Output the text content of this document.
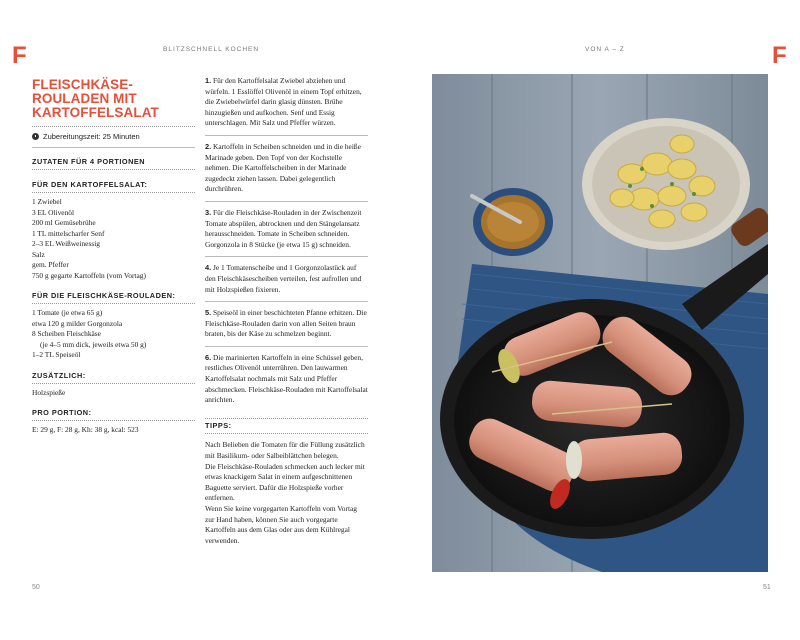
F	F
BLITZSCHNELL KOCHEN	VON A – Z
FLEISCHKÄSE-ROULADEN MIT KARTOFFELSALAT
Zubereitungszeit: 25 Minuten
ZUTATEN FÜR 4 PORTIONEN
FÜR DEN KARTOFFELSALAT:
1 Zwiebel
3 EL Olivenöl
200 ml Gemüsebrühe
1 TL mittelscharfer Senf
2–3 EL Weißweinessig
Salz
gem. Pfeffer
750 g gegarte Kartoffeln (vom Vortag)
FÜR DIE FLEISCHKÄSE-ROULADEN:
1 Tomate (je etwa 65 g)
etwa 120 g milder Gorgonzola
8 Scheiben Fleischkäse
(je 4–5 mm dick, jeweils etwa 50 g)
1–2 TL Speiseöl
ZUSÄTZLICH:
Holzspieße
PRO PORTION:
E: 29 g, F: 28 g, Kh: 38 g, kcal: 523
1. Für den Kartoffelsalat Zwiebel abziehen und würfeln. 1 Esslöffel Olivenöl in einem Topf erhitzen, die Zwiebelwürfel darin glasig dünsten. Brühe hinzugießen und aufkochen. Senf und Essig unterschlagen. Mit Salz und Pfeffer würzen.
2. Kartoffeln in Scheiben schneiden und in die heiße Marinade geben. Den Topf von der Kochstelle nehmen. Die Kartoffelscheiben in der Marinade zugedeckt ziehen lassen. Dabei gelegentlich durchrühren.
3. Für die Fleischkäse-Rouladen in der Zwischenzeit Tomate abspülen, abtrocknen und den Stängelansatz herausschneiden. Tomate in Scheiben schneiden. Gorgonzola in 8 Stücke (je etwa 15 g) schneiden.
4. Je 1 Tomatenscheibe und 1 Gorgonzolastück auf den Fleischkäsescheiben verteilen, fest aufrollen und mit Holzspießen fixieren.
5. Speiseöl in einer beschichteten Pfanne erhitzen. Die Fleischkäse-Rouladen darin von allen Seiten braun braten, bis der Käse zu schmelzen beginnt.
6. Die marinierten Kartoffeln in eine Schüssel geben, restliches Olivenöl unterrühren. Den lauwarmen Kartoffelsalat nochmals mit Salz und Pfeffer abschmecken. Fleischkäse-Rouladen mit Kartoffelsalat anrichten.
TIPPS:
Nach Belieben die Tomaten für die Füllung zusätzlich mit Basilikum- oder Salbeiblättchen belegen.
Die Fleischkäse-Rouladen schmecken auch lecker mit etwas knackigem Salat in einem aufgeschnittenen Baguette serviert. Dafür die Holzspieße vorher entfernen.
Wenn Sie keine vorgegarten Kartoffeln vom Vortag zur Hand haben, können Sie auch vorgegarte Kartoffeln aus dem Glas oder aus dem Kühlregal verwenden.
50	51
